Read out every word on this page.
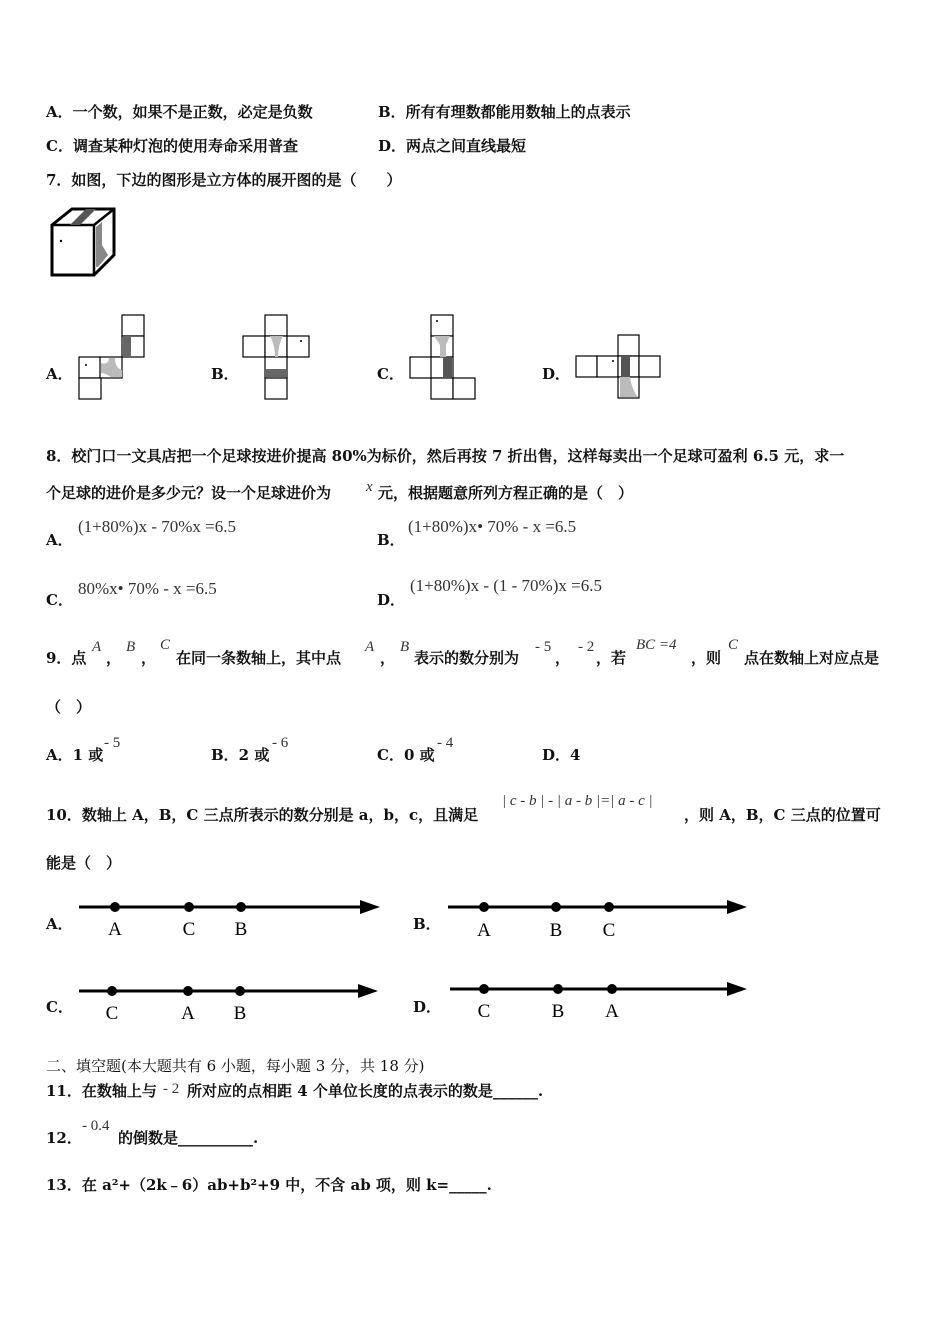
A．一个数，如果不是正数，必定是负数	B．所有有理数都能用数轴上的点表示
C．调查某种灯泡的使用寿命采用普查	D．两点之间直线最短
7．如图，下边的图形是立方体的展开图的是（　　）
A．	B．	C．	D．
8．校门口一文具店把一个足球按进价提高 80%为标价，然后再按 7 折出售，这样每卖出一个足球可盈利 6.5 元，求一
个足球的进价是多少元？设一个足球进价为 x 元，根据题意所列方程正确的是（　）
A．
(1+80%)x - 70%x =6.5
B．
(1+80%)x• 70% - x =6.5
C．
80%x• 70% - x =6.5
D．
(1+80%)x - (1 - 70%)x =6.5
9．点
A
，
B
，
C
在同一条数轴上，其中点
A
，
B
表示的数分别为
- 5
，
- 2
，若
BC =4
，则
C
点在数轴上对应点是
（　）
A．1 或
- 5
B．2 或
- 6
C．0 或
- 4
D．4
10．数轴上 A，B，C 三点所表示的数分别是 a，b，c，且满足
| c - b | - | a - b |=| a - c |
，则 A，B，C 三点的位置可
能是（　）
A． A	C B	B． A	B C
C． C	A B	D． C	B A
二、填空题(本大题共有 6 小题，每小题 3 分，共 18 分)
11．在数轴上与 - 2 所对应的点相距 4 个单位长度的点表示的数是______.
12．
- 0.4
的倒数是__________.
13．在 a²+（2k﹣6）ab+b²+9 中，不含 ab 项，则 k=_____.
